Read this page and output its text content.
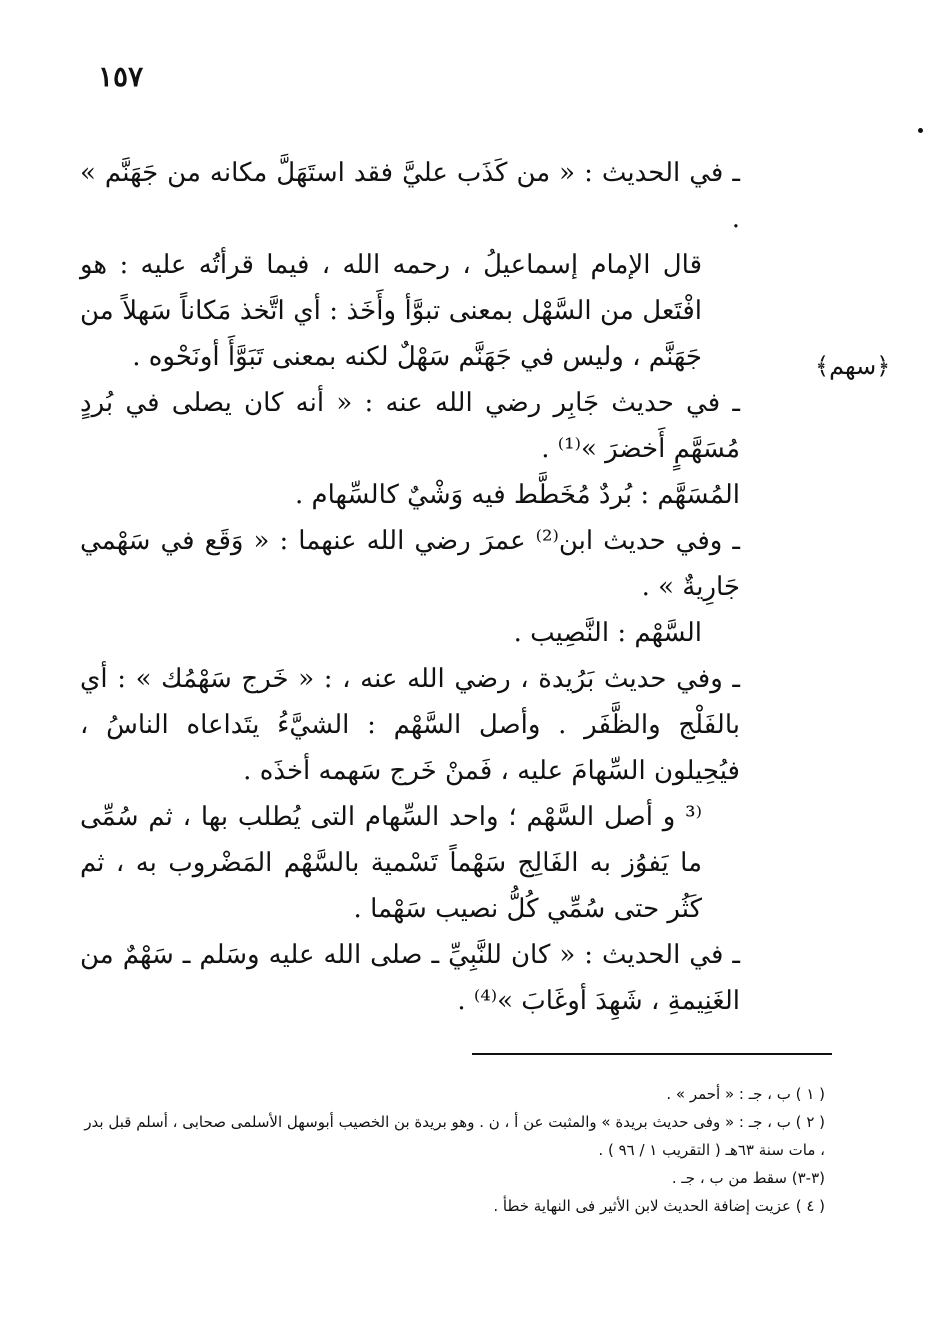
١٥٧
﴿سهم﴾

ـ في الحديث : « من كَذَب عليَّ فقد استَهَلَّ مكانه من جَهَنَّم » .

قال الإمام إسماعيلُ ، رحمه الله ، فيما قرأتُه عليه : هو افْتَعل من السَّهْل بمعنى تبوَّأ وأَخَذ : أي اتَّخذ مَكاناً سَهلاً من جَهَنَّم ، وليس في جَهَنَّم سَهْلٌ لكنه بمعنى تَبَوَّأَ أونَحْوه .

ـ في حديث جَابِر رضي الله عنه : « أنه كان يصلى في بُردٍ مُسَهَّمٍ أَخضرَ »⁽¹⁾ .

المُسَهَّم : بُردٌ مُخَطَّط فيه وَشْيٌ كالسِّهام .

ـ وفي حديث ابن⁽²⁾ عمرَ رضي الله عنهما : « وَقَع في سَهْمي جَارِيةٌ » .

السَّهْم : النَّصِيب .

ـ وفي حديث بَرُيدة ، رضي الله عنه ، : « خَرج سَهْمُك » : أي بالفَلْج والظَّفَر . وأصل السَّهْم : الشيَّءُ يتَداعاه الناسُ ، فيُحِيلون السِّهامَ عليه ، فَمنْ خَرج سَهمه أخذَه .

⁽³ و أصل السَّهْم ؛ واحد السِّهام التى يُطلب بها ، ثم سُمِّى ما يَفوُز به الفَالِج سَهْماً تَسْمية بالسَّهْم المَضْروب به ، ثم كَثُر حتى سُمِّي كُلُّ نصيب سَهْما .

ـ في الحديث : « كان للنَّبِيِّ ـ صلى الله عليه وسَلم ـ سَهْمٌ من الغَنِيمةِ ، شَهِدَ أوغَابَ »⁽⁴⁾ .

( ١ ) ب ، جـ : « أحمر » .

( ٢ ) ب ، جـ : « وفى حديث بريدة » والمثبت عن أ ، ن . وهو بريدة بن الخصيب أبوسهل الأسلمى صحابى ، أسلم قبل بدر ، مات سنة ٦٣هـ ( التقريب ١ / ٩٦ ) .

(٣-٣) سقط من ب ، جـ .

( ٤ ) عزيت إضافة الحديث لابن الأثير فى النهاية خطأ .
